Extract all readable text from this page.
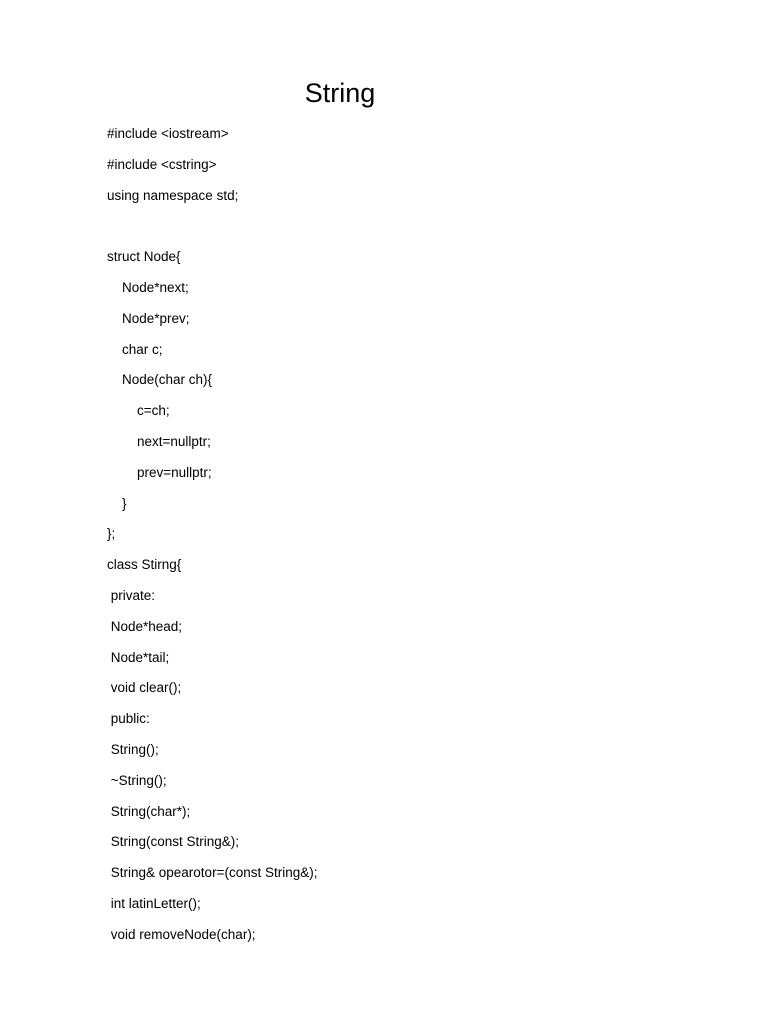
String
#include <iostream>
#include <cstring>
using namespace std;
struct Node{
Node*next;
Node*prev;
char c;
Node(char ch){
c=ch;
next=nullptr;
prev=nullptr;
}
};
class Stirng{
private:
Node*head;
Node*tail;
void clear();
public:
String();
~String();
String(char*);
String(const String&);
String& opearotor=(const String&);
int latinLetter();
void removeNode(char);
